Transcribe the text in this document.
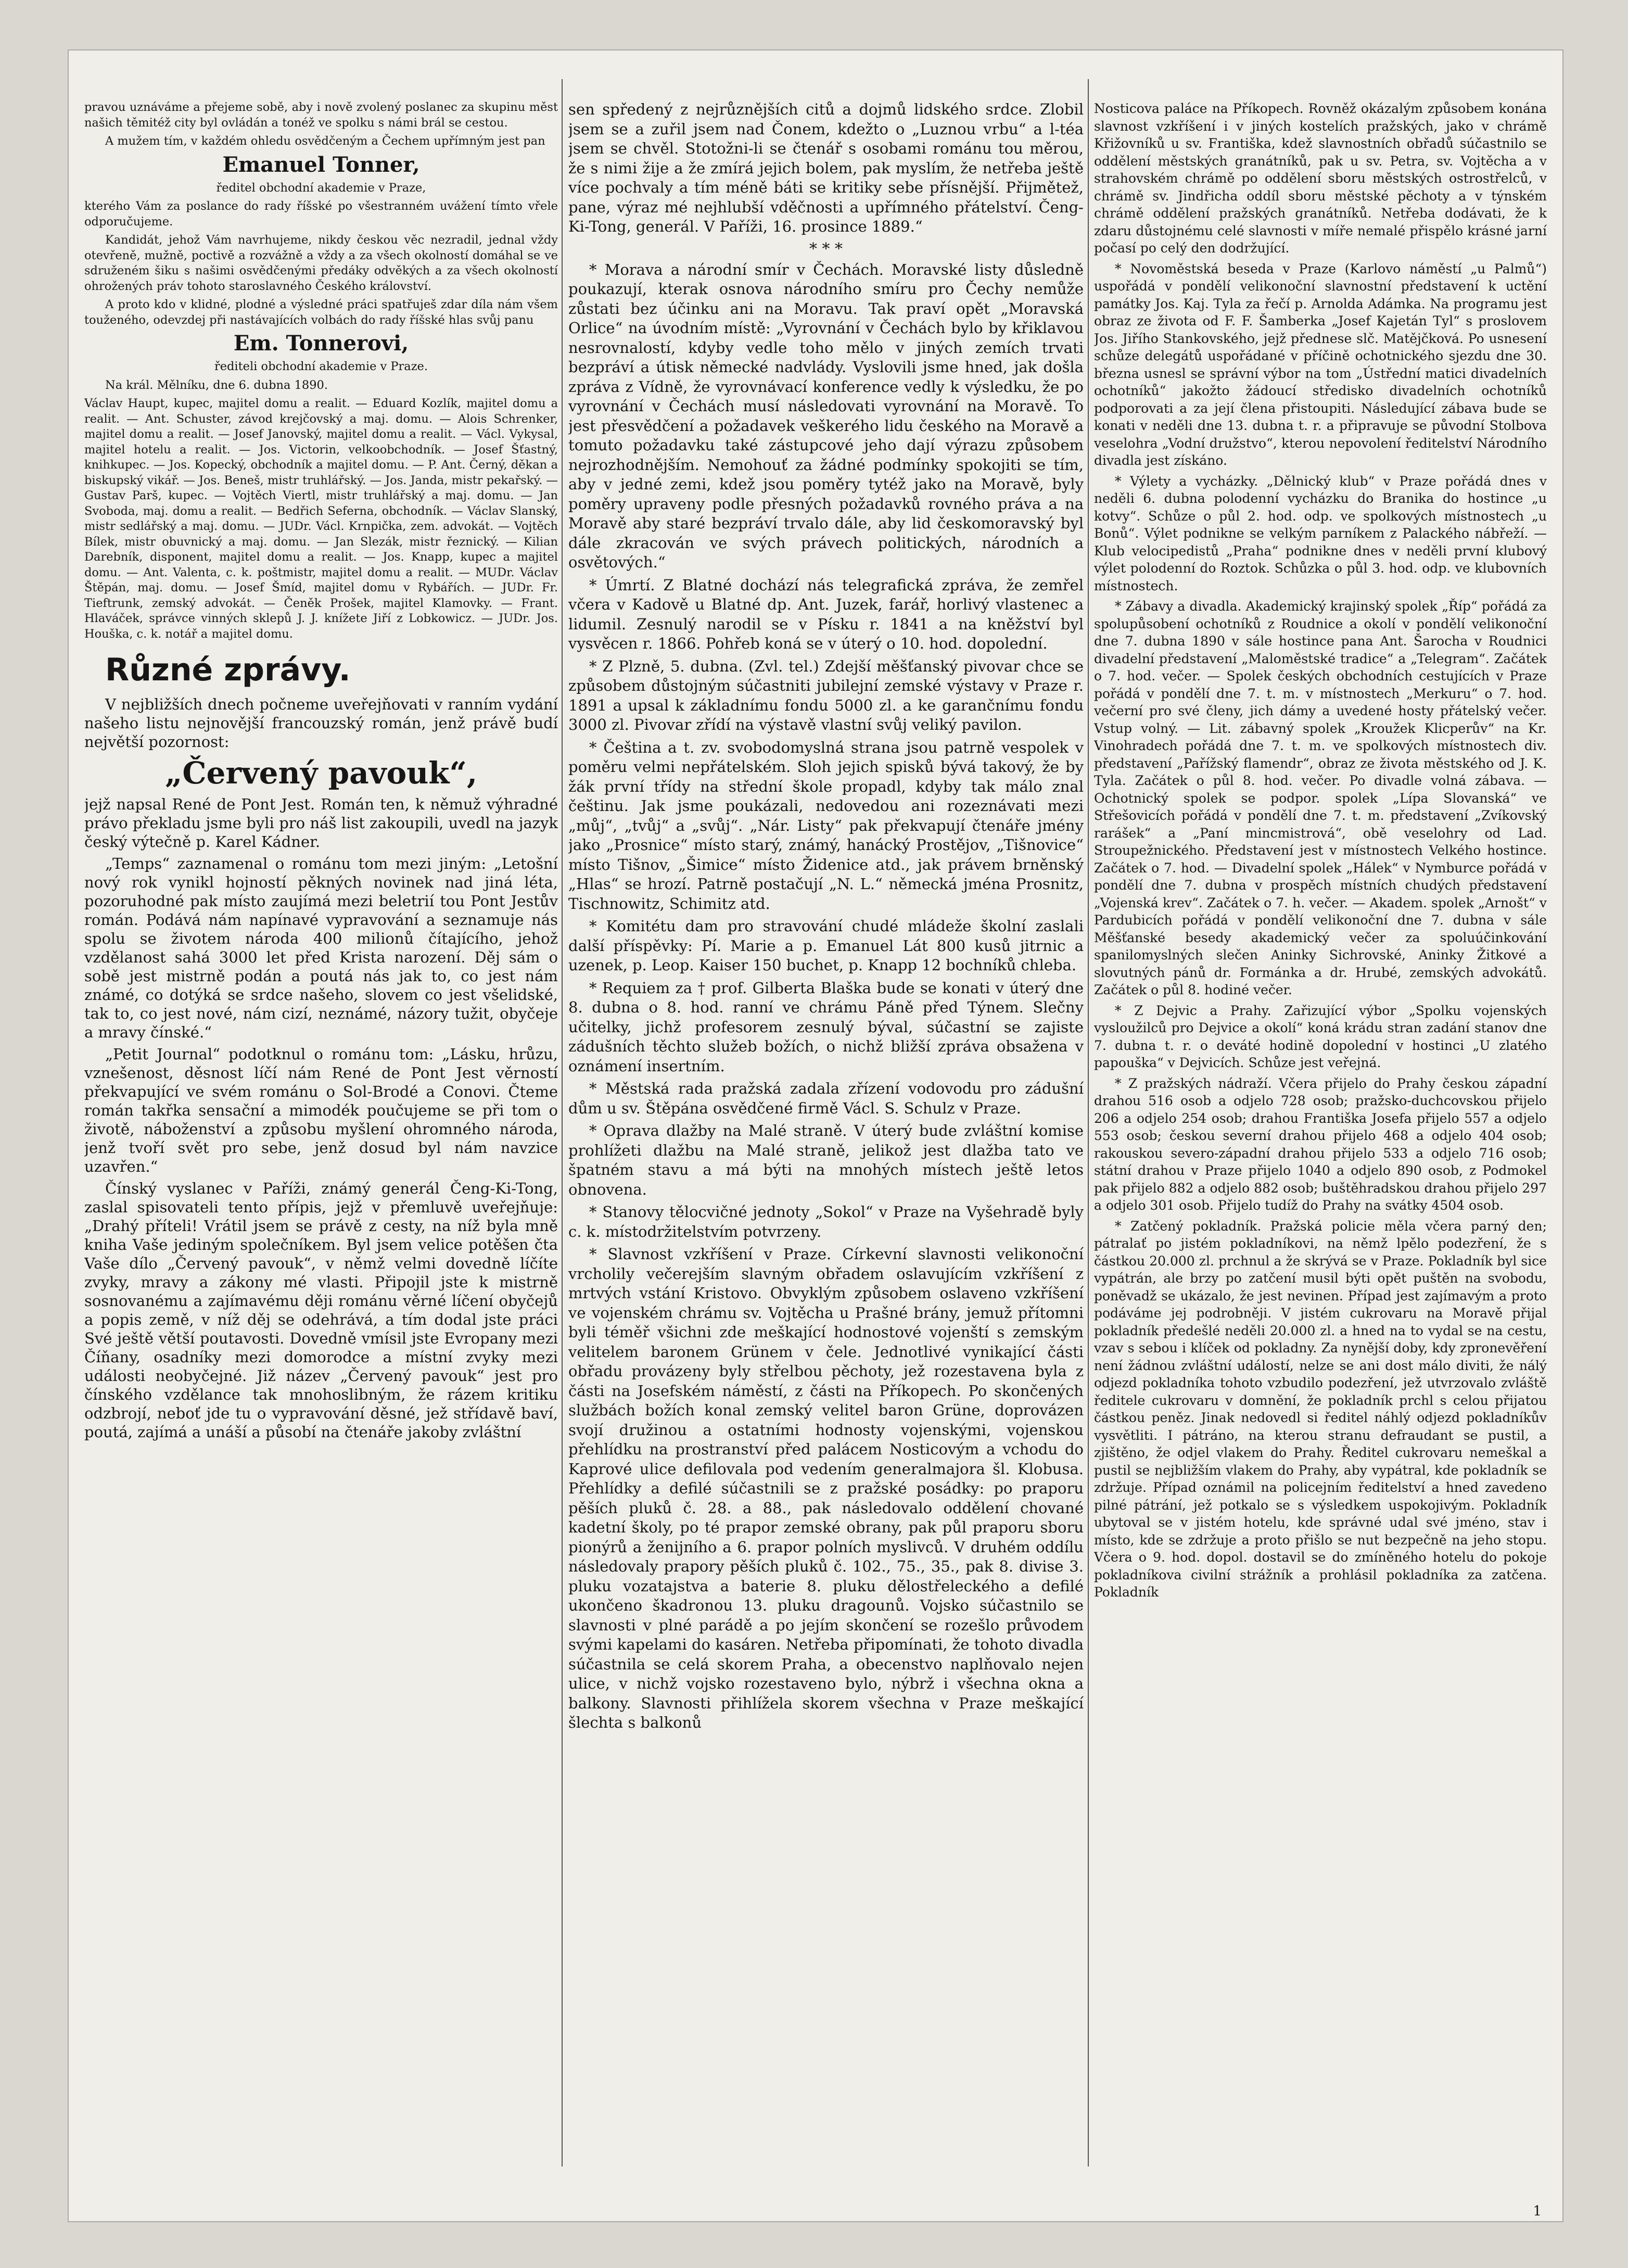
pravou uznáváme a přejeme sobě, aby i nově zvolený poslanec za skupinu měst našich těmitéž city byl ovládán a tonéž ve spolku s námi brál se cestou.

A mužem tím, v každém ohledu osvědčeným a Čechem upřímným jest pan

Emanuel Tonner,

ředitel obchodní akademie v Praze,

kterého Vám za poslance do rady říšské po všestranném uvážení tímto vřele odporučujeme.

Kandidát, jehož Vám navrhujeme, nikdy českou věc nezradil, jednal vždy otevřeně, mužně, poctivě a rozvážně a vždy a za všech okolností domáhal se ve sdruženém šiku s našimi osvědčenými předáky odvěkých a za všech okolností ohrožených práv tohoto staroslavného Českého království.

A proto kdo v klidné, plodné a výsledné práci spatřuješ zdar díla nám všem touženého, odevzdej při nastávajících volbách do rady říšské hlas svůj panu

Em. Tonnerovi,

řediteli obchodní akademie v Praze.

Na král. Mělníku, dne 6. dubna 1890.

Václav Haupt, kupec, majitel domu a realit. — Eduard Kozlík, majitel domu a realit. — Ant. Schuster, závod krejčovský a maj. domu. — Alois Schrenker, majitel domu a realit. — Josef Janovský, majitel domu a realit. — Václ. Vykysal, majitel hotelu a realit. — Jos. Victorin, velkoobchodník. — Josef Šťastný, knihkupec. — Jos. Kopecký, obchodník a majitel domu. — P. Ant. Černý, děkan a biskupský vikář. — Jos. Beneš, mistr truhlářský. — Jos. Janda, mistr pekařský. — Gustav Parš, kupec. — Vojtěch Viertl, mistr truhlářský a maj. domu. — Jan Svoboda, maj. domu a realit. — Bedřich Seferna, obchodník. — Václav Slanský, mistr sedlářský a maj. domu. — JUDr. Václ. Krnpička, zem. advokát. — Vojtěch Bílek, mistr obuvnický a maj. domu. — Jan Slezák, mistr řeznický. — Kilian Darebník, disponent, majitel domu a realit. — Jos. Knapp, kupec a majitel domu. — Ant. Valenta, c. k. poštmistr, majitel domu a realit. — MUDr. Václav Štěpán, maj. domu. — Josef Šmíd, majitel domu v Rybářích. — JUDr. Fr. Tieftrunk, zemský advokát. — Čeněk Prošek, majitel Klamovky. — Frant. Hlaváček, správce vinných sklepů J. J. knížete Jiří z Lobkowicz. — JUDr. Jos. Houška, c. k. notář a majitel domu.

Různé zprávy.

V nejbližších dnech počneme uveřejňovati v ranním vydání našeho listu nejnovější francouzský román, jenž právě budí největší pozornost:

„Červený pavouk“,

jejž napsal René de Pont Jest. Román ten, k němuž výhradné právo překladu jsme byli pro náš list zakoupili, uvedl na jazyk český výtečně p. Karel Kádner.

„Temps“ zaznamenal o románu tom mezi jiným: „Letošní nový rok vynikl hojností pěkných novinek nad jiná léta, pozoruhodné pak místo zaujímá mezi beletrií tou Pont Jestův román. Podává nám napínavé vypravování a seznamuje nás spolu se životem národa 400 milionů čítajícího, jehož vzdělanost sahá 3000 let před Krista narození. Děj sám o sobě jest mistrně podán a poutá nás jak to, co jest nám známé, co dotýká se srdce našeho, slovem co jest všelidské, tak to, co jest nové, nám cizí, neznámé, názory tužit, obyčeje a mravy čínské.“

„Petit Journal“ podotknul o románu tom: „Lásku, hrůzu, vznešenost, děsnost líčí nám René de Pont Jest věrností překvapující ve svém románu o Sol-Brodé a Conovi. Čteme román takřka sensační a mimodék poučujeme se při tom o životě, náboženství a způsobu myšlení ohromného národa, jenž tvoří svět pro sebe, jenž dosud byl nám navzice uzavřen.“

Čínský vyslanec v Paříži, známý generál Čeng-Ki-Tong, zaslal spisovateli tento přípis, jejž v přemluvě uveřejňuje: „Drahý příteli! Vrátil jsem se právě z cesty, na níž byla mně kniha Vaše jediným společníkem. Byl jsem velice potěšen čta Vaše dílo „Červený pavouk“, v němž velmi dovedně líčíte zvyky, mravy a zákony mé vlasti. Připojil jste k mistrně sosnovanému a zajímavému ději románu věrné líčení obyčejů a popis země, v níž děj se odehrává, a tím dodal jste práci Své ještě větší poutavosti. Dovedně vmísil jste Evropany mezi Číňany, osadníky mezi domorodce a místní zvyky mezi události neobyčejné. Již název „Červený pavouk“ jest pro čínského vzdělance tak mnohoslibným, že rázem kritiku odzbrojí, neboť jde tu o vypravování děsné, jež střídavě baví, poutá, zajímá a unáší a působí na čtenáře jakoby zvláštní

sen spředený z nejrůznějších citů a dojmů lidského srdce. Zlobil jsem se a zuřil jsem nad Čonem, kdežto o „Luznou vrbu“ a l-téa jsem se chvěl. Stotožni-li se čtenář s osobami románu tou měrou, že s nimi žije a že zmírá jejich bolem, pak myslím, že netřeba ještě více pochvaly a tím méně báti se kritiky sebe přísnější. Přijmětež, pane, výraz mé nejhlubší vděčnosti a upřímného přátelství. Čeng-Ki-Tong, generál. V Paříži, 16. prosince 1889.“

* * *

* Morava a národní smír v Čechách. Moravské listy důsledně poukazují, kterak osnova národního smíru pro Čechy nemůže zůstati bez účinku ani na Moravu. Tak praví opět „Moravská Orlice“ na úvodním místě: „Vyrovnání v Čechách bylo by křiklavou nesrovnalostí, kdyby vedle toho mělo v jiných zemích trvati bezpráví a útisk německé nadvlády. Vyslovili jsme hned, jak došla zpráva z Vídně, že vyrovnávací konference vedly k výsledku, že po vyrovnání v Čechách musí následovati vyrovnání na Moravě. To jest přesvědčení a požadavek veškerého lidu českého na Moravě a tomuto požadavku také zástupcové jeho dají výrazu způsobem nejrozhodnějším. Nemohouť za žádné podmínky spokojiti se tím, aby v jedné zemi, kdež jsou poměry tytéž jako na Moravě, byly poměry upraveny podle přesných požadavků rovného práva a na Moravě aby staré bezpráví trvalo dále, aby lid českomoravský byl dále zkracován ve svých právech politických, národních a osvětových.“

* Úmrtí. Z Blatné dochází nás telegrafická zpráva, že zemřel včera v Kadově u Blatné dp. Ant. Juzek, farář, horlivý vlastenec a lidumil. Zesnulý narodil se v Písku r. 1841 a na kněžství byl vysvěcen r. 1866. Pohřeb koná se v úterý o 10. hod. dopolední.

* Z Plzně, 5. dubna. (Zvl. tel.) Zdejší měšťanský pivovar chce se způsobem důstojným súčastniti jubilejní zemské výstavy v Praze r. 1891 a upsal k základnímu fondu 5000 zl. a ke garančnímu fondu 3000 zl. Pivovar zřídí na výstavě vlastní svůj veliký pavilon.

* Čeština a t. zv. svobodomyslná strana jsou patrně vespolek v poměru velmi nepřátelském. Sloh jejich spisků bývá takový, že by žák první třídy na střední škole propadl, kdyby tak málo znal češtinu. Jak jsme poukázali, nedovedou ani rozeznávati mezi „můj“, „tvůj“ a „svůj“. „Nár. Listy“ pak překvapují čtenáře jmény jako „Prosnice“ místo starý, známý, hanácký Prostějov, „Tišnovice“ místo Tišnov, „Šimice“ místo Židenice atd., jak právem brněnský „Hlas“ se hrozí. Patrně postačují „N. L.“ německá jména Prosnitz, Tischnowitz, Schimitz atd.

* Komitétu dam pro stravování chudé mládeže školní zaslali další příspěvky: Pí. Marie a p. Emanuel Lát 800 kusů jitrnic a uzenek, p. Leop. Kaiser 150 buchet, p. Knapp 12 bochníků chleba.

* Requiem za † prof. Gilberta Blaška bude se konati v úterý dne 8. dubna o 8. hod. ranní ve chrámu Páně před Týnem. Slečny učitelky, jichž profesorem zesnulý býval, súčastní se zajiste zádušních těchto služeb božích, o nichž bližší zpráva obsažena v oznámení insertním.

* Městská rada pražská zadala zřízení vodovodu pro zádušní dům u sv. Štěpána osvědčené firmě Václ. S. Schulz v Praze.

* Oprava dlažby na Malé straně. V úterý bude zvláštní komise prohlížeti dlažbu na Malé straně, jelikož jest dlažba tato ve špatném stavu a má býti na mnohých místech ještě letos obnovena.

* Stanovy tělocvičné jednoty „Sokol“ v Praze na Vyšehradě byly c. k. místodržitelstvím potvrzeny.

* Slavnost vzkříšení v Praze. Církevní slavnosti velikonoční vrcholily večerejším slavným obřadem oslavujícím vzkříšení z mrtvých vstání Kristovo. Obvyklým způsobem oslaveno vzkříšení ve vojenském chrámu sv. Vojtěcha u Prašné brány, jemuž přítomni byli téměř všichni zde meškající hodnostové vojenští s zemským velitelem baronem Grünem v čele. Jednotlivé vynikající části obřadu provázeny byly střelbou pěchoty, jež rozestavena byla z části na Josefském náměstí, z části na Příkopech. Po skončených službách božích konal zemský velitel baron Grüne, doprovázen svojí družinou a ostatními hodnosty vojenskými, vojenskou přehlídku na prostranství před palácem Nosticovým a vchodu do Kaprové ulice defilovala pod vedením generalmajora šl. Klobusa. Přehlídky a defilé súčastnili se z pražské posádky: po praporu pěších pluků č. 28. a 88., pak následovalo oddělení chované kadetní školy, po té prapor zemské obrany, pak půl praporu sboru pionýrů a ženijního a 6. prapor polních myslivců. V druhém oddílu následovaly prapory pěších pluků č. 102., 75., 35., pak 8. divise 3. pluku vozatajstva a baterie 8. pluku dělostřeleckého a defilé ukončeno škadronou 13. pluku dragounů. Vojsko súčastnilo se slavnosti v plné parádě a po jejím skončení se rozešlo průvodem svými kapelami do kasáren. Netřeba připomínati, že tohoto divadla súčastnila se celá skorem Praha, a obecenstvo naplňovalo nejen ulice, v nichž vojsko rozestaveno bylo, nýbrž i všechna okna a balkony. Slavnosti přihlížela skorem všechna v Praze meškající šlechta s balkonů

Nosticova paláce na Příkopech. Rovněž okázalým způsobem konána slavnost vzkříšení i v jiných kostelích pražských, jako v chrámě Křižovníků u sv. Františka, kdež slavnostních obřadů súčastnilo se oddělení městských granátníků, pak u sv. Petra, sv. Vojtěcha a v strahovském chrámě po oddělení sboru městských ostrostřelců, v chrámě sv. Jindřicha oddíl sboru městské pěchoty a v týnském chrámě oddělení pražských granátníků. Netřeba dodávati, že k zdaru důstojnému celé slavnosti v míře nemalé přispělo krásné jarní počasí po celý den dodržující.

* Novoměstská beseda v Praze (Karlovo náměstí „u Palmů“) uspořádá v pondělí velikonoční slavnostní představení k uctění památky Jos. Kaj. Tyla za řečí p. Arnolda Adámka. Na programu jest obraz ze života od F. F. Šamberka „Josef Kajetán Tyl“ s proslovem Jos. Jiřího Stankovského, jejž přednese slč. Matějčková. Po usnesení schůze delegátů uspořádané v příčině ochotnického sjezdu dne 30. března usnesl se správní výbor na tom „Ústřední matici divadelních ochotníků“ jakožto žádoucí středisko divadelních ochotníků podporovati a za její člena přistoupiti. Následující zábava bude se konati v neděli dne 13. dubna t. r. a připravuje se původní Stolbova veselohra „Vodní družstvo“, kterou nepovolení ředitelství Národního divadla jest získáno.

* Výlety a vycházky. „Dělnický klub“ v Praze pořádá dnes v neděli 6. dubna polodenní vycházku do Branika do hostince „u kotvy“. Schůze o půl 2. hod. odp. ve spolkových místnostech „u Bonů“. Výlet podnikne se velkým parníkem z Palackého nábřeží. — Klub velocipedistů „Praha“ podnikne dnes v neděli první klubový výlet polodenní do Roztok. Schůzka o půl 3. hod. odp. ve klubovních místnostech.

* Zábavy a divadla. Akademický krajinský spolek „Říp“ pořádá za spolupůsobení ochotníků z Roudnice a okolí v pondělí velikonoční dne 7. dubna 1890 v sále hostince pana Ant. Šarocha v Roudnici divadelní představení „Maloměstské tradice“ a „Telegram“. Začátek o 7. hod. večer. — Spolek českých obchodních cestujících v Praze pořádá v pondělí dne 7. t. m. v místnostech „Merkuru“ o 7. hod. večerní pro své členy, jich dámy a uvedené hosty přátelský večer. Vstup volný. — Lit. zábavný spolek „Kroužek Klicperův“ na Kr. Vinohradech pořádá dne 7. t. m. ve spolkových místnostech div. představení „Pařížský flamendr“, obraz ze života městského od J. K. Tyla. Začátek o půl 8. hod. večer. Po divadle volná zábava. — Ochotnický spolek se podpor. spolek „Lípa Slovanská“ ve Střešovicích pořádá v pondělí dne 7. t. m. představení „Zvíkovský rarášek“ a „Paní mincmistrová“, obě veselohry od Lad. Stroupežnického. Představení jest v místnostech Velkého hostince. Začátek o 7. hod. — Divadelní spolek „Hálek“ v Nymburce pořádá v pondělí dne 7. dubna v prospěch místních chudých představení „Vojenská krev“. Začátek o 7. h. večer. — Akadem. spolek „Arnošt“ v Pardubicích pořádá v pondělí velikonoční dne 7. dubna v sále Měšťanské besedy akademický večer za spoluúčinkování spanilomyslných slečen Aninky Sichrovské, Aninky Žitkové a slovutných pánů dr. Formánka a dr. Hrubé, zemských advokátů. Začátek o půl 8. hodiné večer.

* Z Dejvic a Prahy. Zařizující výbor „Spolku vojenských vysloužilců pro Dejvice a okolí“ koná krádu stran zadání stanov dne 7. dubna t. r. o deváté hodině dopolední v hostinci „U zlatého papouška“ v Dejvicích. Schůze jest veřejná.

* Z pražských nádraží. Včera přijelo do Prahy českou západní drahou 516 osob a odjelo 728 osob; pražsko-duchcovskou přijelo 206 a odjelo 254 osob; drahou Františka Josefa přijelo 557 a odjelo 553 osob; českou severní drahou přijelo 468 a odjelo 404 osob; rakouskou severo-západní drahou přijelo 533 a odjelo 716 osob; státní drahou v Praze přijelo 1040 a odjelo 890 osob, z Podmokel pak přijelo 882 a odjelo 882 osob; buštěhradskou drahou přijelo 297 a odjelo 301 osob. Přijelo tudíž do Prahy na svátky 4504 osob.

* Zatčený pokladník. Pražská policie měla včera parný den; pátralať po jistém pokladníkovi, na němž lpělo podezření, že s částkou 20.000 zl. prchnul a že skrývá se v Praze. Pokladník byl sice vypátrán, ale brzy po zatčení musil býti opět puštěn na svobodu, poněvadž se ukázalo, že jest nevinen. Případ jest zajímavým a proto podáváme jej podrobněji. V jistém cukrovaru na Moravě přijal pokladník předešlé neděli 20.000 zl. a hned na to vydal se na cestu, vzav s sebou i klíček od pokladny. Za nynější doby, kdy zpronevěření není žádnou zvláštní událostí, nelze se ani dost málo diviti, že nálý odjezd pokladníka tohoto vzbudilo podezření, jež utvrzovalo zvláště ředitele cukrovaru v domnění, že pokladník prchl s celou přijatou částkou peněz. Jinak nedovedl si ředitel náhlý odjezd pokladníkův vysvětliti. I pátráno, na kterou stranu defraudant se pustil, a zjištěno, že odjel vlakem do Prahy. Ředitel cukrovaru nemeškal a pustil se nejbližším vlakem do Prahy, aby vypátral, kde pokladník se zdržuje. Případ oznámil na policejním ředitelství a hned zavedeno pilné pátrání, jež potkalo se s výsledkem uspokojivým. Pokladník ubytoval se v jistém hotelu, kde správné udal své jméno, stav i místo, kde se zdržuje a proto přišlo se nut bezpečně na jeho stopu. Včera o 9. hod. dopol. dostavil se do zmíněného hotelu do pokoje pokladníkova civilní strážník a prohlásil pokladníka za zatčena. Pokladník

1
